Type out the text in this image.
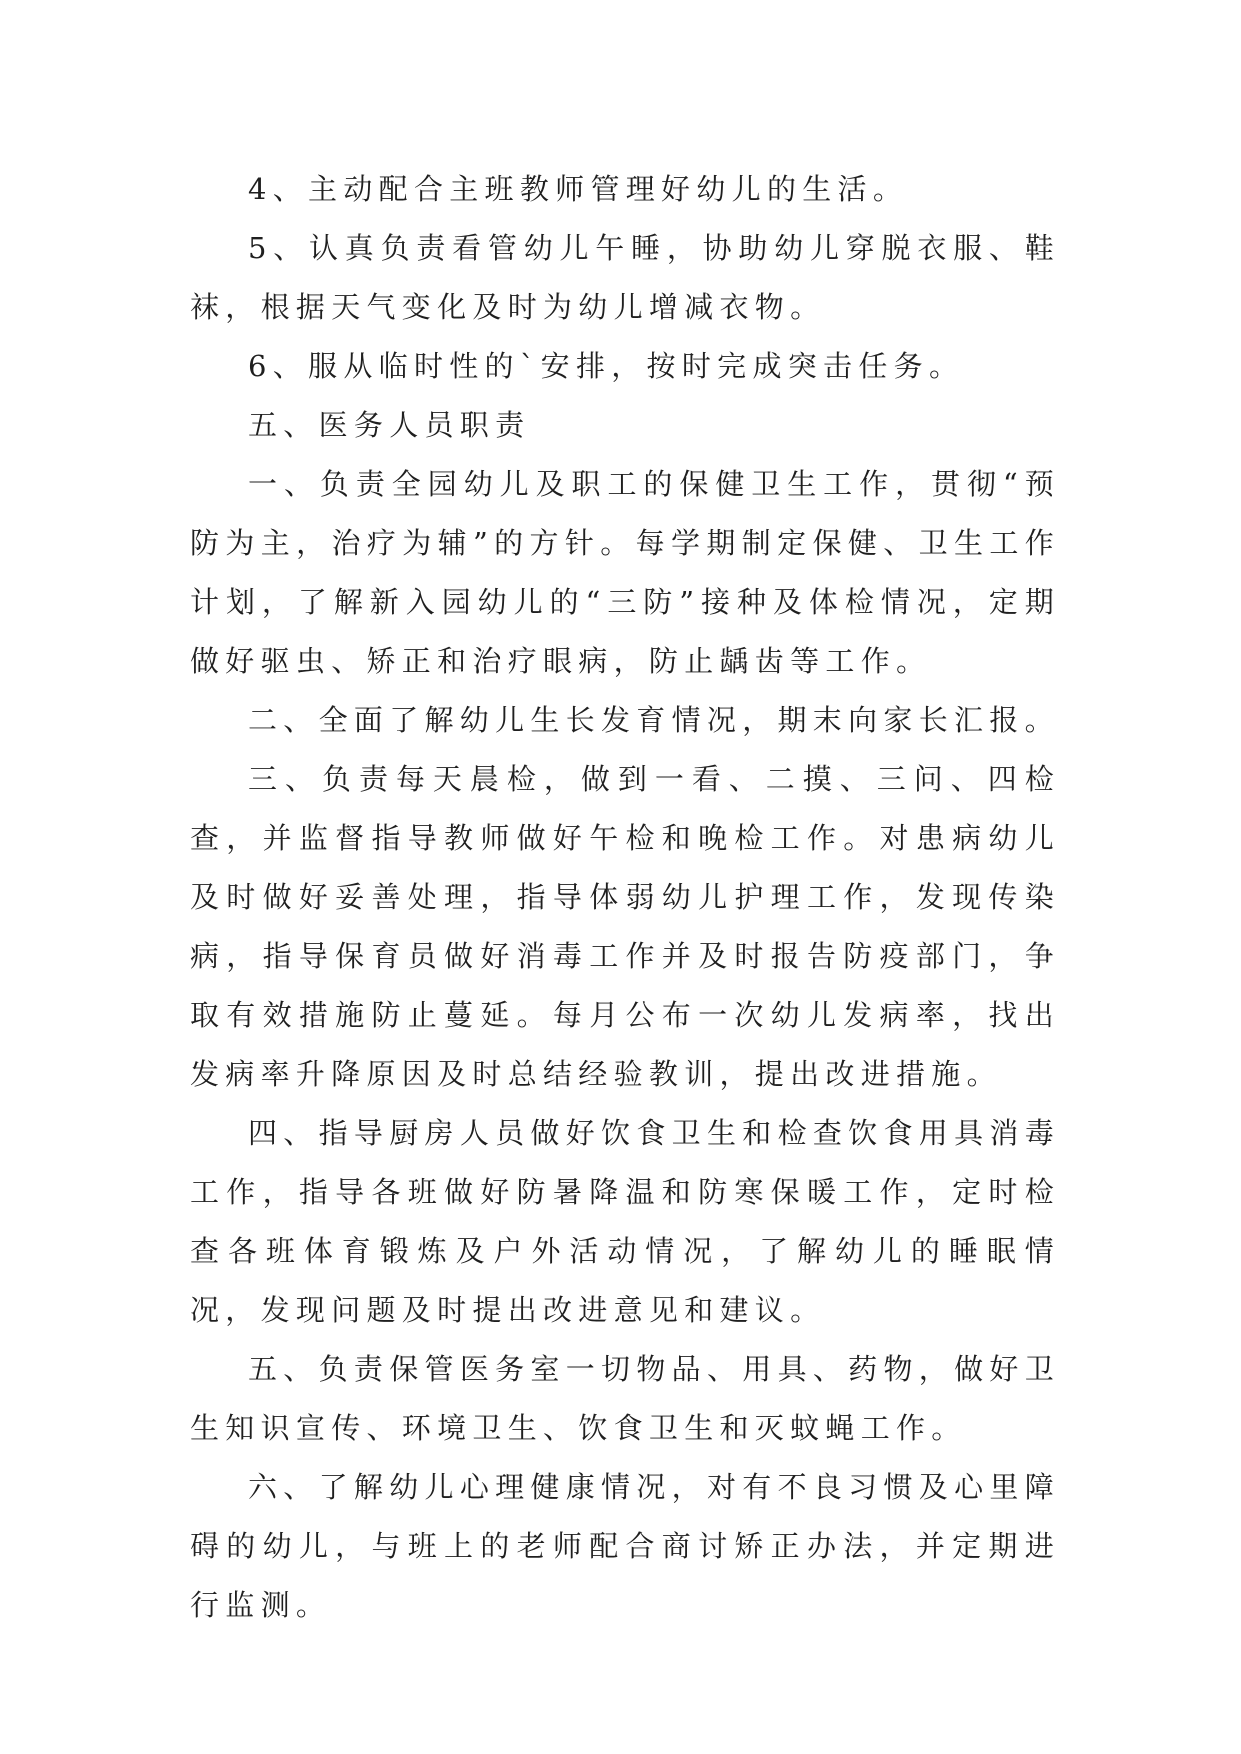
4、主动配合主班教师管理好幼儿的生活。

5、认真负责看管幼儿午睡，协助幼儿穿脱衣服、鞋袜，根据天气变化及时为幼儿增减衣物。

6、服从临时性的`安排，按时完成突击任务。

五、医务人员职责

一、负责全园幼儿及职工的保健卫生工作，贯彻“预防为主，治疗为辅”的方针。每学期制定保健、卫生工作计划，了解新入园幼儿的“三防”接种及体检情况，定期做好驱虫、矫正和治疗眼病，防止龋齿等工作。

二、全面了解幼儿生长发育情况，期末向家长汇报。

三、负责每天晨检，做到一看、二摸、三问、四检查，并监督指导教师做好午检和晚检工作。对患病幼儿及时做好妥善处理，指导体弱幼儿护理工作，发现传染病，指导保育员做好消毒工作并及时报告防疫部门，争取有效措施防止蔓延。每月公布一次幼儿发病率，找出发病率升降原因及时总结经验教训，提出改进措施。

四、指导厨房人员做好饮食卫生和检查饮食用具消毒工作，指导各班做好防暑降温和防寒保暖工作，定时检查各班体育锻炼及户外活动情况，了解幼儿的睡眠情况，发现问题及时提出改进意见和建议。

五、负责保管医务室一切物品、用具、药物，做好卫生知识宣传、环境卫生、饮食卫生和灭蚊蝇工作。

六、了解幼儿心理健康情况，对有不良习惯及心里障碍的幼儿，与班上的老师配合商讨矫正办法，并定期进行监测。
